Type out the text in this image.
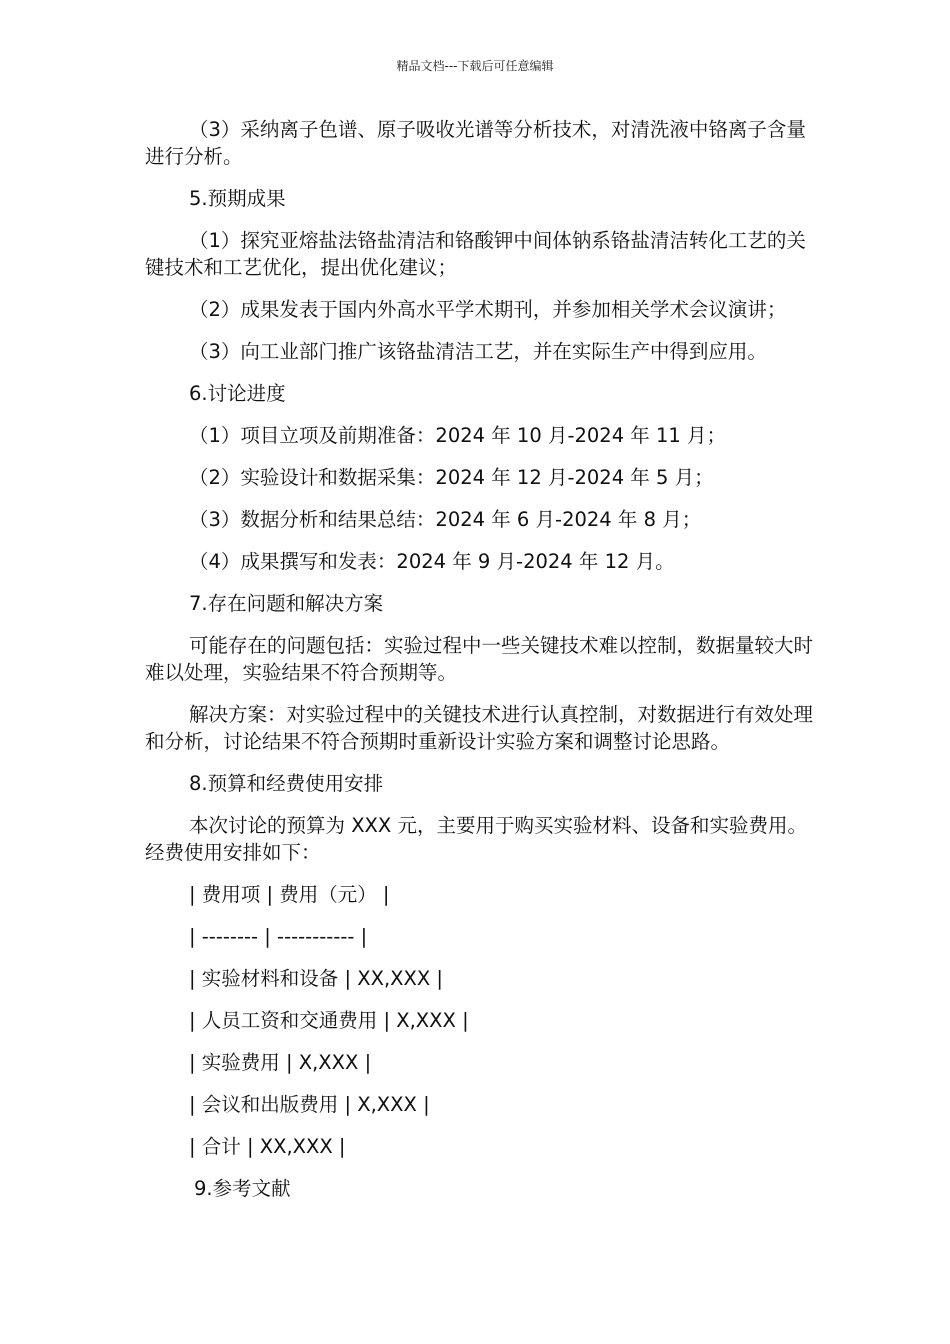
精品文档---下载后可任意编辑

（3）采纳离子色谱、原子吸收光谱等分析技术，对清洗液中铬离子含量进行分析。

5.预期成果

（1）探究亚熔盐法铬盐清洁和铬酸钾中间体钠系铬盐清洁转化工艺的关键技术和工艺优化，提出优化建议；

（2）成果发表于国内外高水平学术期刊，并参加相关学术会议演讲；

（3）向工业部门推广该铬盐清洁工艺，并在实际生产中得到应用。

6.讨论进度

（1）项目立项及前期准备：2024 年 10 月-2024 年 11 月；

（2）实验设计和数据采集：2024 年 12 月-2024 年 5 月；

（3）数据分析和结果总结：2024 年 6 月-2024 年 8 月；

（4）成果撰写和发表：2024 年 9 月-2024 年 12 月。

7.存在问题和解决方案

可能存在的问题包括：实验过程中一些关键技术难以控制，数据量较大时难以处理，实验结果不符合预期等。

解决方案：对实验过程中的关键技术进行认真控制，对数据进行有效处理和分析，讨论结果不符合预期时重新设计实验方案和调整讨论思路。

8.预算和经费使用安排

本次讨论的预算为 XXX 元，主要用于购买实验材料、设备和实验费用。经费使用安排如下：

| 费用项 | 费用（元） |

| -------- | ----------- |

| 实验材料和设备 | XX,XXX |

| 人员工资和交通费用 | X,XXX |

| 实验费用 | X,XXX |

| 会议和出版费用 | X,XXX |

| 合计 | XX,XXX |

9.参考文献
